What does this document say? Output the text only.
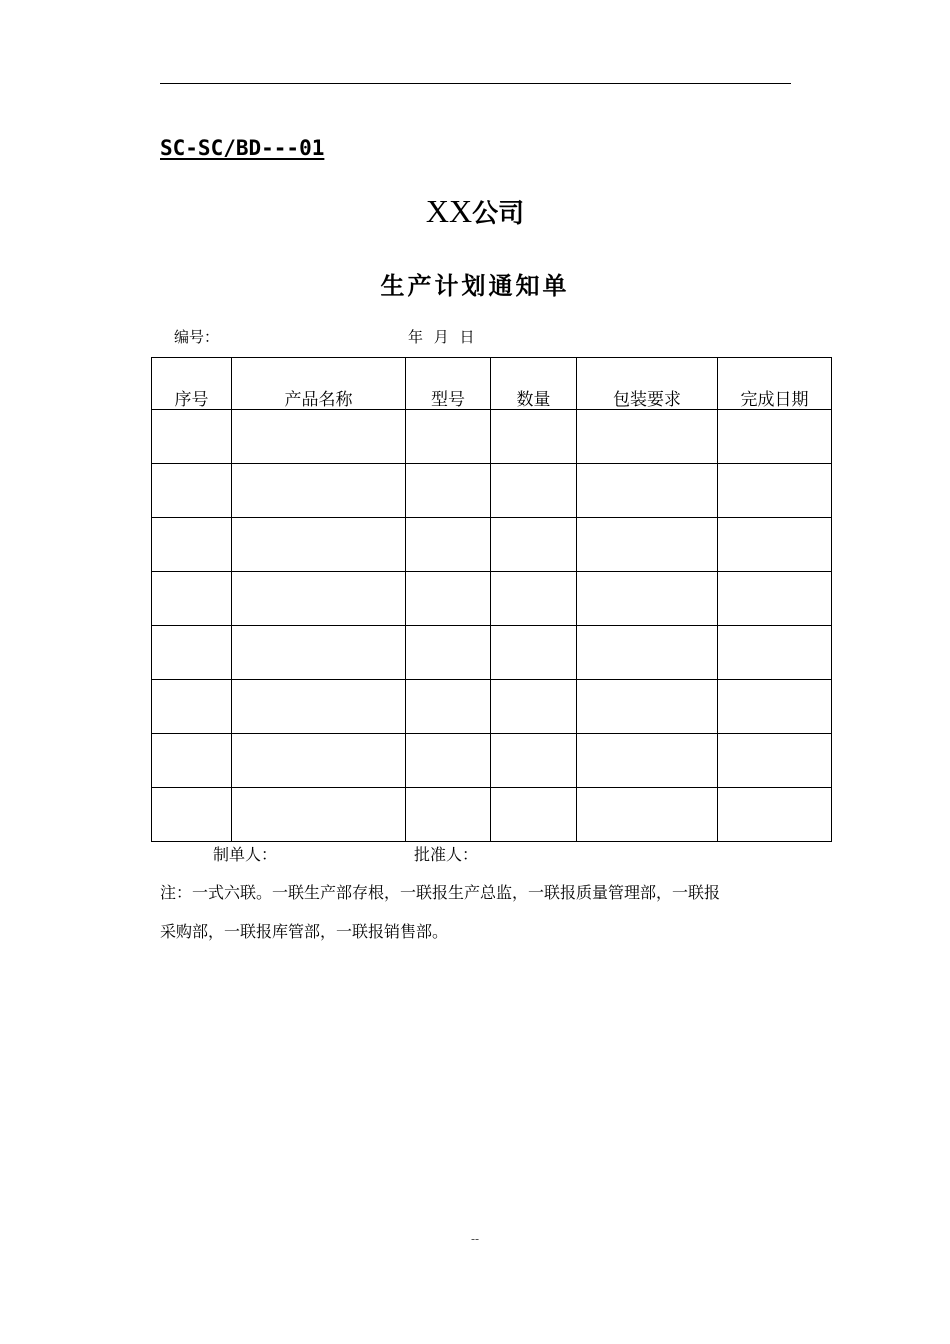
SC-SC/BD---01
XX公司
生产计划通知单
编号：	年 月 日
序号	产品名称	型号	数量	包装要求	完成日期

制单人：	批准人：

注：一式六联。一联生产部存根，一联报生产总监，一联报质量管理部，一联报

采购部，一联报库管部，一联报销售部。

--
